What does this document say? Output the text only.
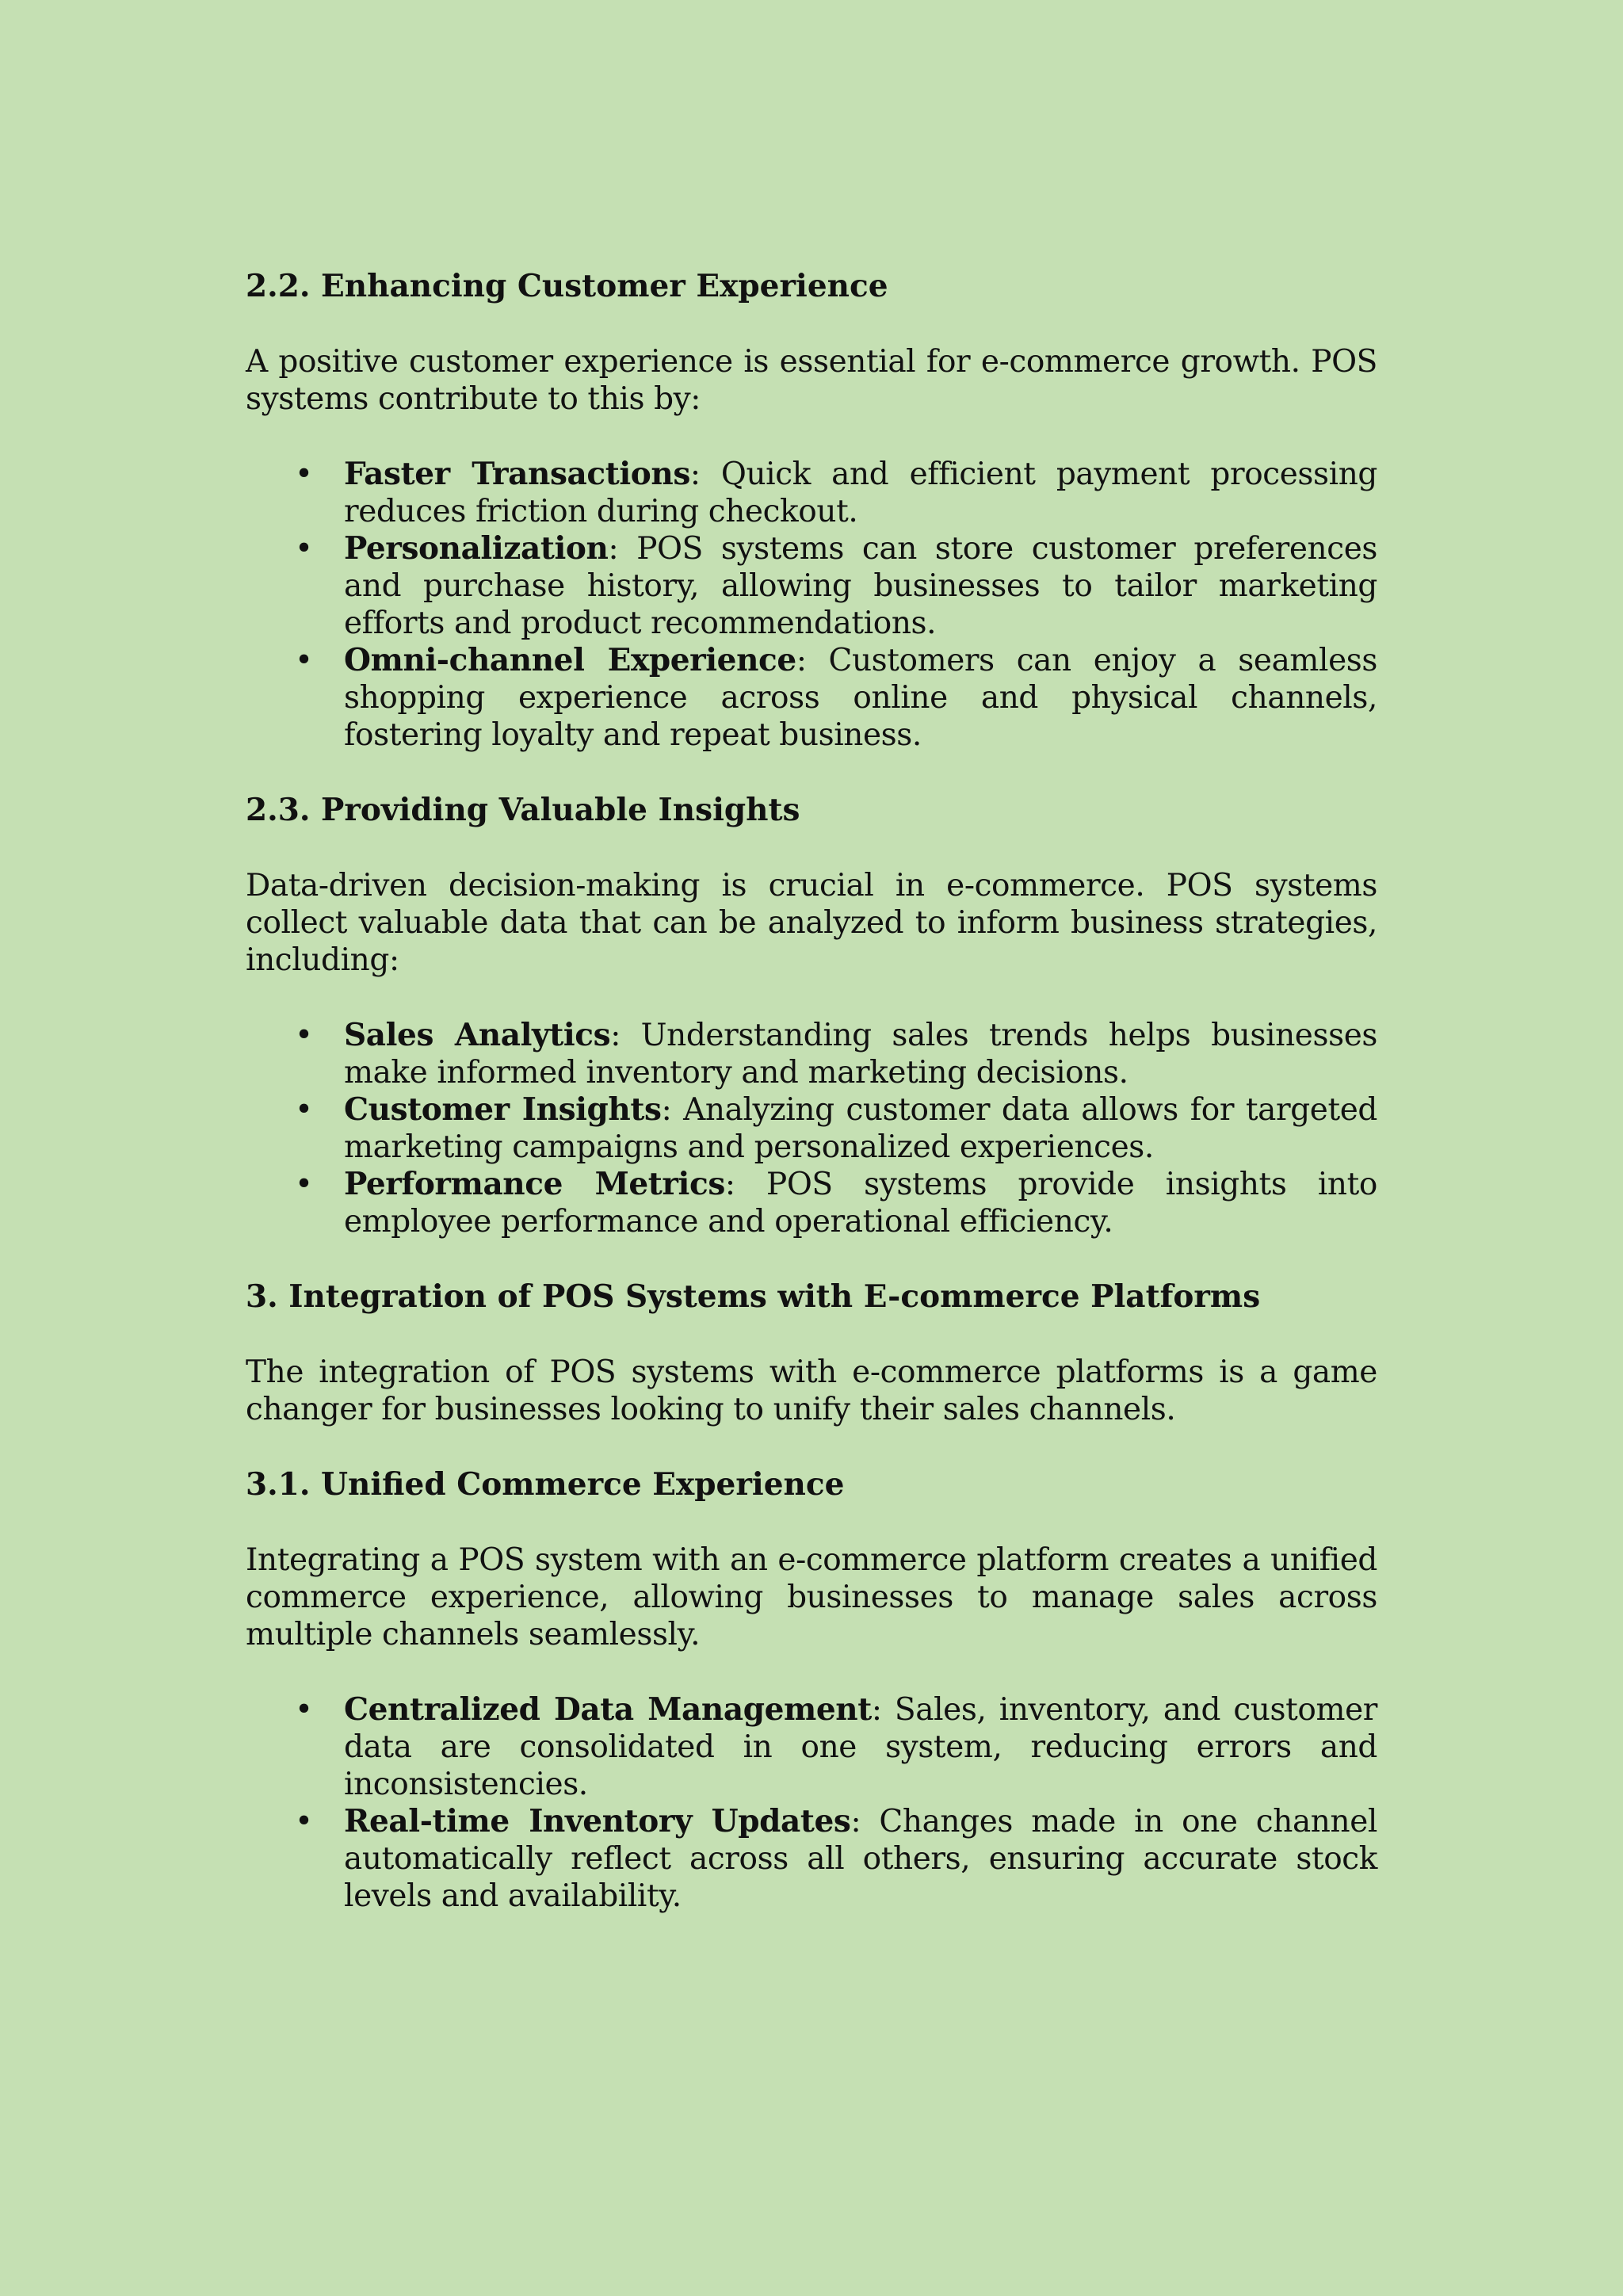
2.2. Enhancing Customer Experience

A positive customer experience is essential for e-commerce growth. POS systems contribute to this by:

• Faster Transactions: Quick and efficient payment processing reduces friction during checkout.
• Personalization: POS systems can store customer preferences and purchase history, allowing businesses to tailor marketing efforts and product recommendations.
• Omni-channel Experience: Customers can enjoy a seamless shopping experience across online and physical channels, fostering loyalty and repeat business.
2.3. Providing Valuable Insights

Data-driven decision-making is crucial in e-commerce. POS systems collect valuable data that can be analyzed to inform business strategies, including:

• Sales Analytics: Understanding sales trends helps businesses make informed inventory and marketing decisions.
• Customer Insights: Analyzing customer data allows for targeted marketing campaigns and personalized experiences.
• Performance Metrics: POS systems provide insights into employee performance and operational efficiency.
3. Integration of POS Systems with E-commerce Platforms

The integration of POS systems with e-commerce platforms is a game changer for businesses looking to unify their sales channels.

3.1. Unified Commerce Experience

Integrating a POS system with an e-commerce platform creates a unified commerce experience, allowing businesses to manage sales across multiple channels seamlessly.

• Centralized Data Management: Sales, inventory, and customer data are consolidated in one system, reducing errors and inconsistencies.
• Real-time Inventory Updates: Changes made in one channel automatically reflect across all others, ensuring accurate stock levels and availability.
